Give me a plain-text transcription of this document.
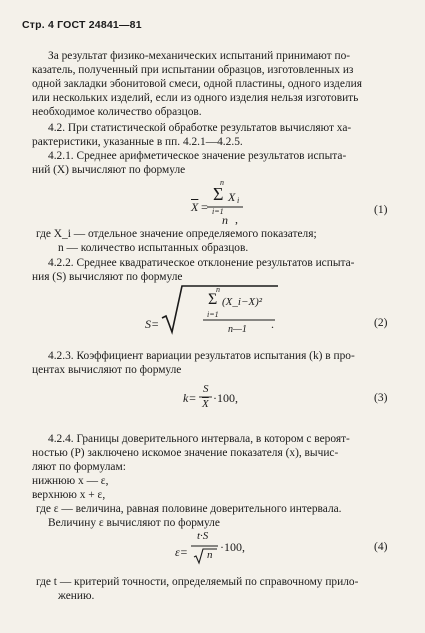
Стр. 4 ГОСТ 24841—81
За результат физико-механических испытаний принимают по-
казатель, полученный при испытании образцов, изготовленных из
одной закладки эбонитовой смеси, одной пластины, одного изделия
или нескольких изделий, если из одного изделия нельзя изготовить
необходимое количество образцов.
4.2. При статистической обработке результатов вычисляют ха-
рактеристики, указанные в пп. 4.2.1—4.2.5.
4.2.1. Среднее арифметическое значение результатов испыта-
ний (X) вычисляют по формуле
n
Σ X i
i=1
$\overline{X}$ =
n ,
(1)
где X_i — отдельное значение определяемого показателя;
n — количество испытанных образцов.
4.2.2. Среднее квадратическое отклонение результатов испыта-
ния (S) вычисляют по формуле
S=
n
Σ (X_i−X)²
i=1
n—1 .	(2)
4.2.3. Коэффициент вариации результатов испытания (k) в про-
центах вычисляют по формуле
k=
S
$\overline{X} \cdot 100$,	(3)
4.2.4. Границы доверительного интервала, в котором с вероят-
ностью (P) заключено искомое значение показателя (x), вычис-
ляют по формулам:
нижнюю x — ε,
верхнюю x + ε,
где ε — величина, равная половине доверительного интервала.
Величину ε вычисляют по формуле
ε=
t·S
n
·100,	(4)
где t — критерий точности, определяемый по справочному прило-
жению.
